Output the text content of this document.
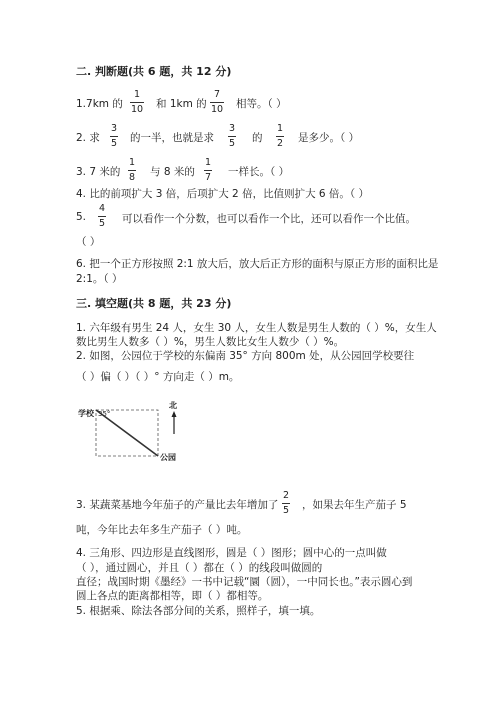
二. 判断题(共 6 题，共 12 分)
1.7km 的
1
10 和 1km 的
7
10 相等。（ ）
2. 求
3
5 的一半，也就是求
3
5 的
1
2 是多少。（ ）
3. 7 米的
1
8 与 8 米的
1
7 一样长。（ ）
4. 比的前项扩大 3 倍，后项扩大 2 倍，比值则扩大 6 倍。（ ）
5.
4
5 可以看作一个分数，也可以看作一个比，还可以看作一个比值。
（ ）
6. 把一个正方形按照 2:1 放大后，放大后正方形的面积与原正方形的面积比是
2:1。（ ）
三. 填空题(共 8 题，共 23 分)
1. 六年级有男生 24 人，女生 30 人，女生人数是男生人数的（ ）%，女生人
数比男生人数多（ ）%，男生人数比女生人数少（ ）%。
2. 如图，公园位于学校的东偏南 35° 方向 800m 处，从公园回学校要往
（ ）偏（ ）（ ）° 方向走（ ）m。
学校 35°
公园
北
3. 某蔬菜基地今年茄子的产量比去年增加了
2
5 ，如果去年生产茄子 5
吨，今年比去年多生产茄子（ ）吨。
4. 三角形、四边形是直线图形，圆是（ ）图形；圆中心的一点叫做
（ ），通过圆心，并且（ ）都在（ ）的线段叫做圆的
直径；战国时期《墨经》一书中记载“圜（圆），一中同长也。”表示圆心到
圆上各点的距离都相等，即（ ）都相等。
5. 根据乘、除法各部分间的关系，照样子，填一填。
